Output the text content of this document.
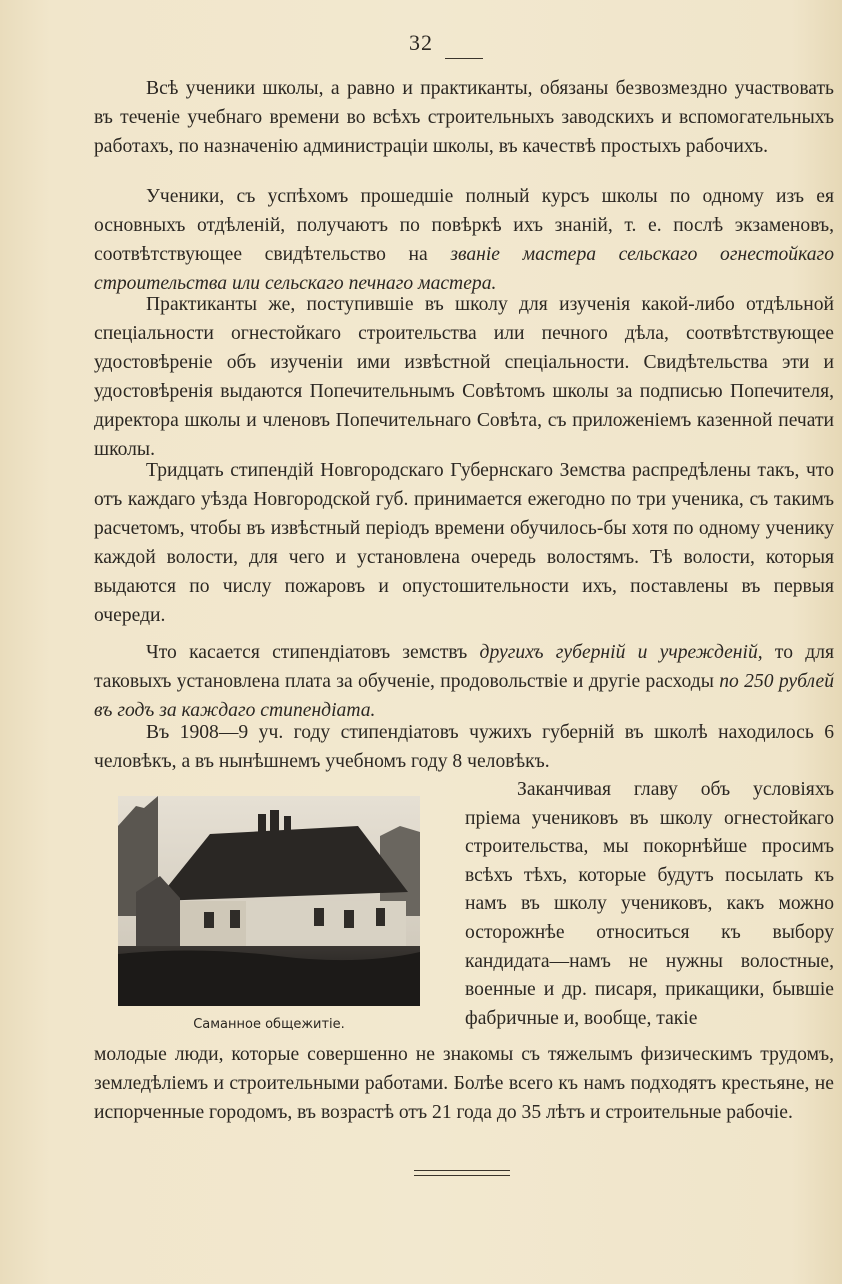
32

Всѣ ученики школы, а равно и практиканты, обязаны безвозмездно участвовать въ теченіе учебнаго времени во всѣхъ строительныхъ заводскихъ и вспомогательныхъ работахъ, по назначенію администраціи школы, въ качествѣ простыхъ рабочихъ.

Ученики, съ успѣхомъ прошедшіе полный курсъ школы по одному изъ ея основныхъ отдѣленій, получаютъ по повѣркѣ ихъ знаній, т. е. послѣ экзаменовъ, соотвѣтствующее свидѣтельство на званіе мастера сельскаго огнестойкаго строительства или сельскаго печнаго мастера.

Практиканты же, поступившіе въ школу для изученія какой-либо отдѣльной спеціальности огнестойкаго строительства или печного дѣла, соотвѣтствующее удостовѣреніе объ изученіи ими извѣстной спеціальности. Свидѣтельства эти и удостовѣренія выдаются Попечительнымъ Совѣтомъ школы за подписью Попечителя, директора школы и членовъ Попечительнаго Совѣта, съ приложеніемъ казенной печати школы.

Тридцать стипендій Новгородскаго Губернскаго Земства распредѣлены такъ, что отъ каждаго уѣзда Новгородской губ. принимается ежегодно по три ученика, съ такимъ расчетомъ, чтобы въ извѣстный періодъ времени обучилось-бы хотя по одному ученику каждой волости, для чего и установлена очередь волостямъ. Тѣ волости, которыя выдаются по числу пожаровъ и опустошительности ихъ, поставлены въ первыя очереди.

Что касается стипендіатовъ земствъ другихъ губерній и учрежденій, то для таковыхъ установлена плата за обученіе, продовольствіе и другіе расходы по 250 рублей въ годъ за каждаго стипендіата.

Въ 1908—9 уч. году стипендіатовъ чужихъ губерній въ школѣ находилось 6 человѣкъ, а въ нынѣшнемъ учебномъ году 8 человѣкъ.

Заканчивая главу объ условіяхъ пріема учениковъ въ школу огнестойкаго строительства, мы покорнѣйше просимъ всѣхъ тѣхъ, которые будутъ посылать къ намъ въ школу учениковъ, какъ можно осторожнѣе относиться къ выбору кандидата—намъ не нужны волостные, военные и др. писаря, прикащики, бывшіе фабричные и, вообще, такіе

Саманное общежитіе.

молодые люди, которые совершенно не знакомы съ тяжелымъ физическимъ трудомъ, земледѣліемъ и строительными работами. Болѣе всего къ намъ подходятъ крестьяне, не испорченные городомъ, въ возрастѣ отъ 21 года до 35 лѣтъ и строительные рабочіе.
